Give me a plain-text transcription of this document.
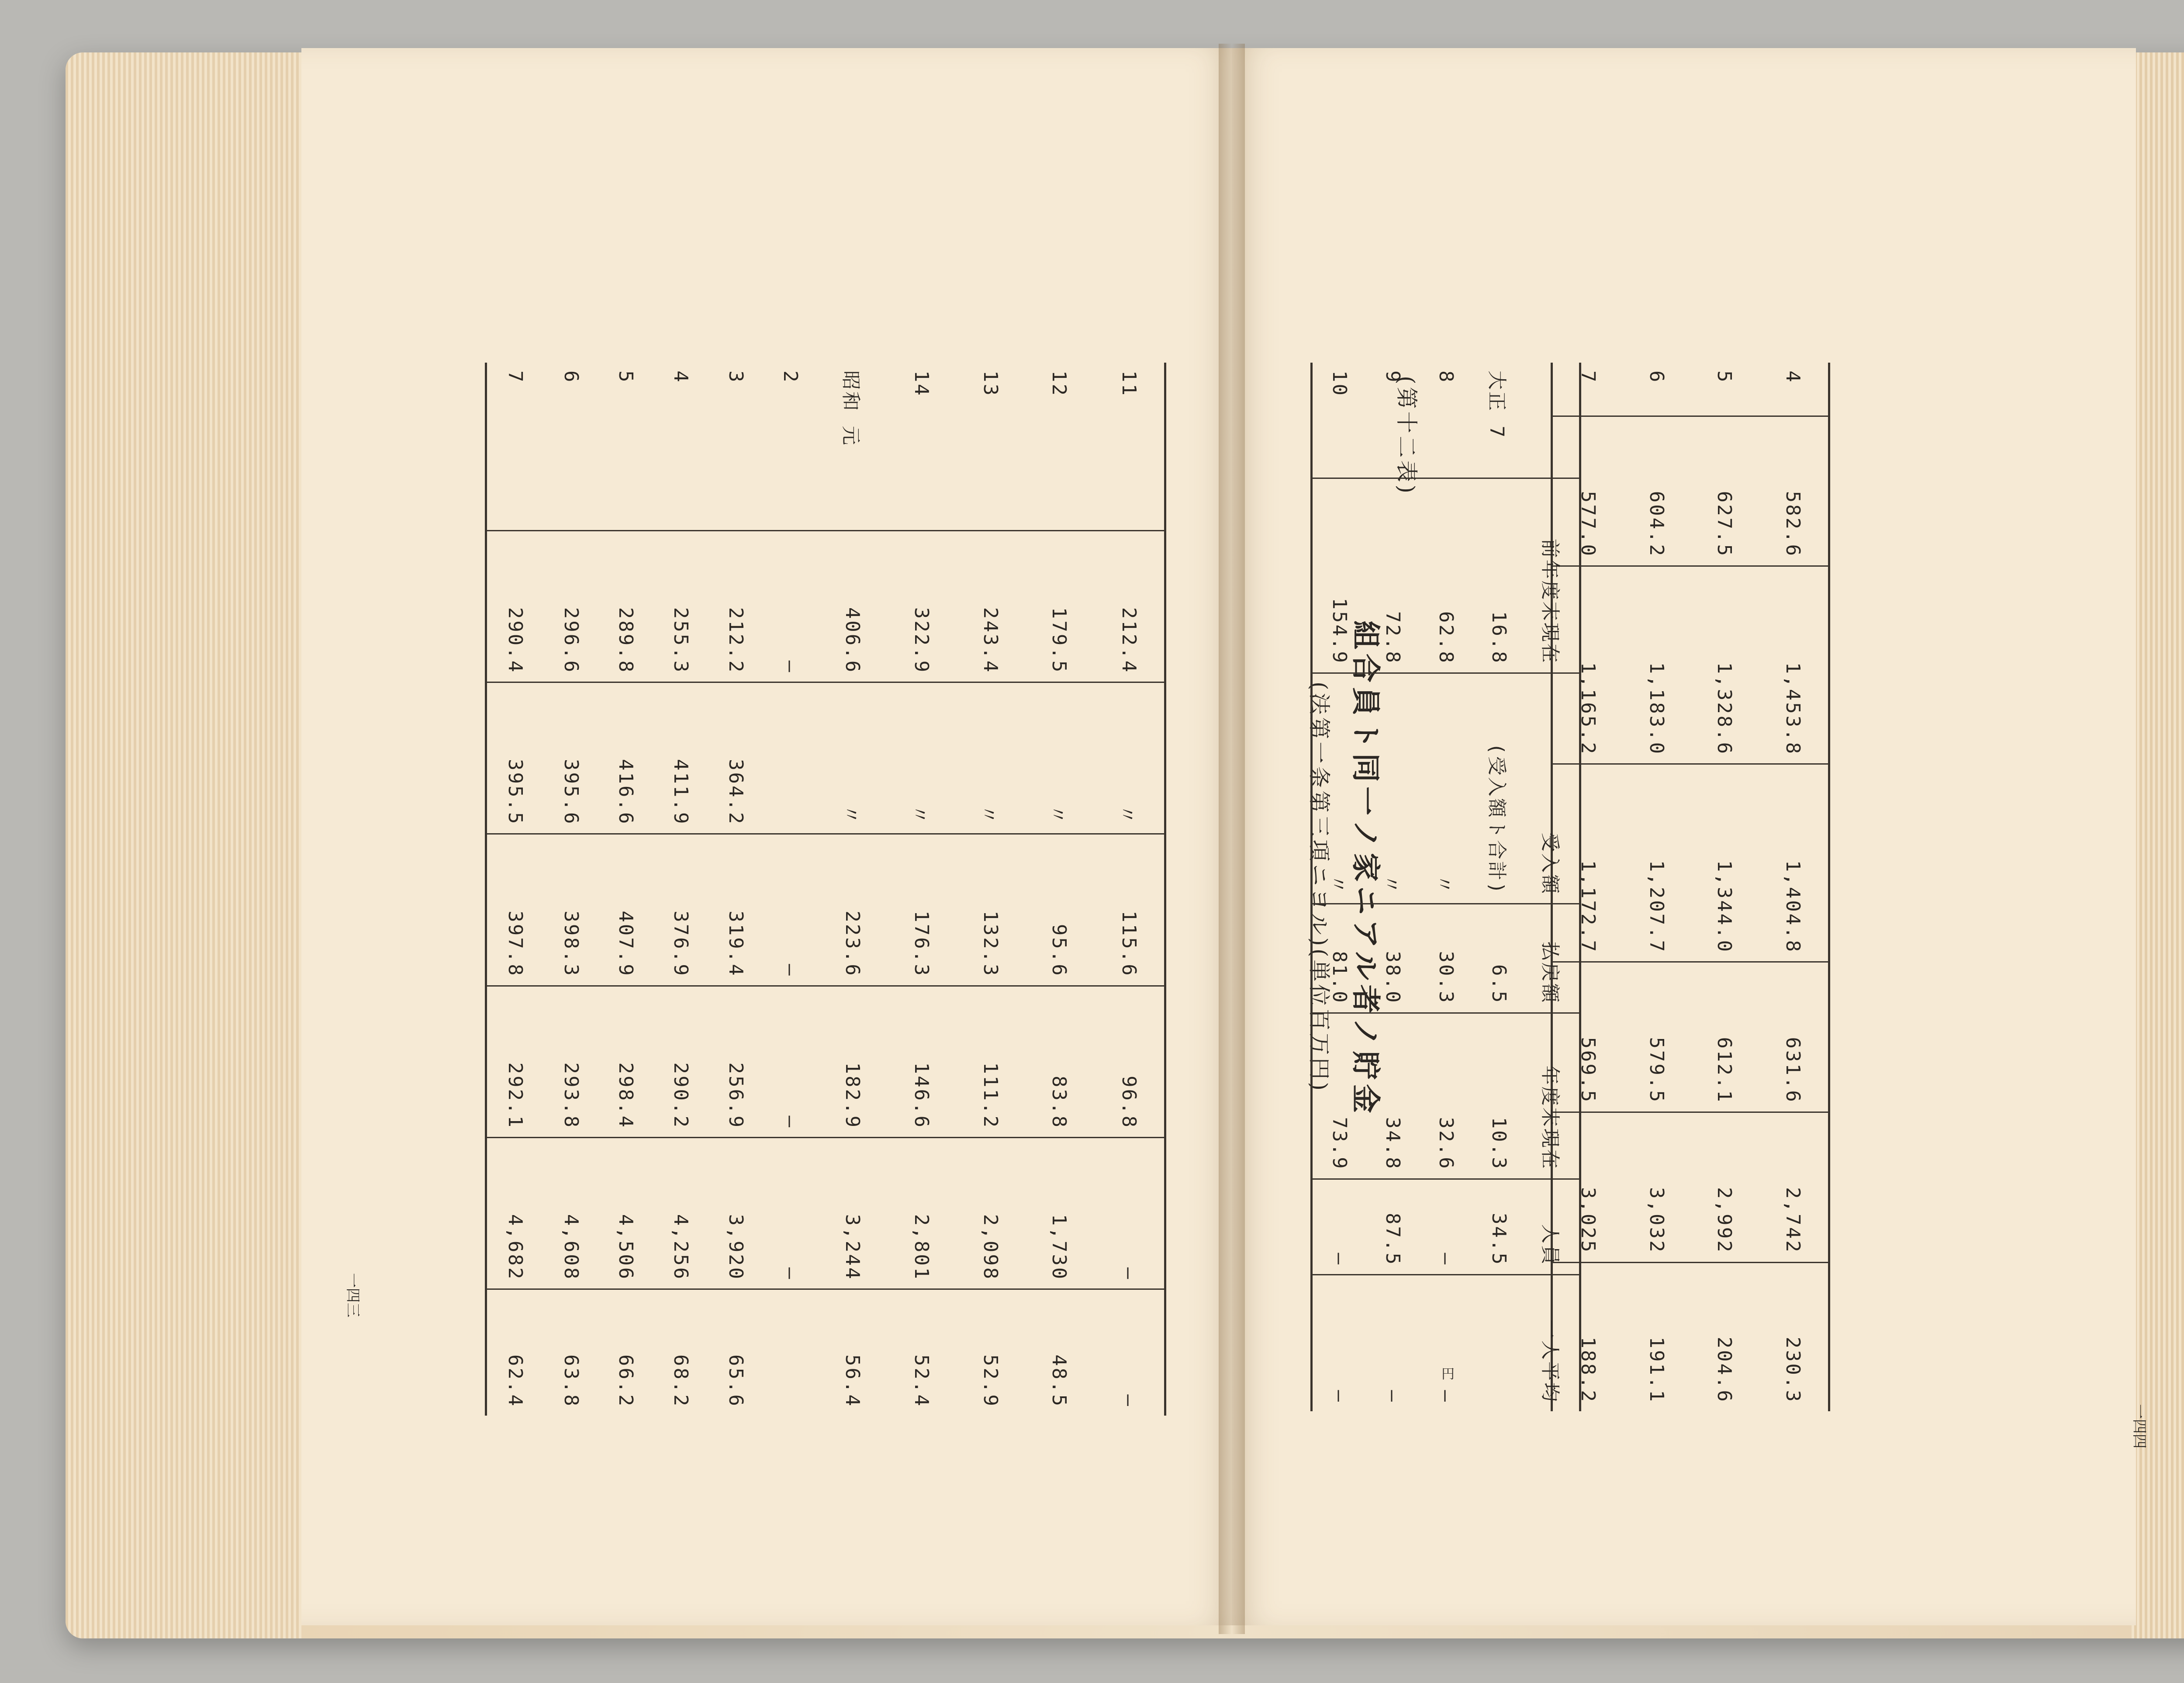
一四三
11	212.4	〃	115.6	96.8	—	—
12	179.5	〃	95.6	83.8	1,730	48.5
13	243.4	〃	132.3	111.2	2,098	52.9
14	322.9	〃	176.3	146.6	2,801	52.4
昭和 元	406.6	〃	223.6	182.9	3,244	56.4
2	—		—	—	—	
3	212.2	364.2	319.4	256.9	3,920	65.6
4	255.3	411.9	376.9	290.2	4,256	68.2
5	289.8	416.6	407.9	298.4	4,506	66.2
6	296.6	395.6	398.3	293.8	4,608	63.8
7	290.4	395.5	397.8	292.1	4,682	62.4
一四四
4	582.6	1,453.8	1,404.8	631.6	2,742	230.3
5	627.5	1,328.6	1,344.0	612.1	2,992	204.6
6	604.2	1,183.0	1,207.7	579.5	3,032	191.1
7	577.0	1,165.2	1,172.7	569.5	3,025	188.2
(第十二表)
組合員ト同一ノ家ニアル者ノ貯金
(法第一条第三項ニヨル)(単位百万円)
	前年度末現在	受入額	払戻額	年度末現在	人員	一人平均
大正 7	16.8	(受入額ト合計)	6.5	10.3	34.5	
8	62.8	〃	30.3	32.6	—	—
9	72.8	〃	38.0	34.8	87.5	—
10	154.9	〃	81.0	73.9	—	—
円
